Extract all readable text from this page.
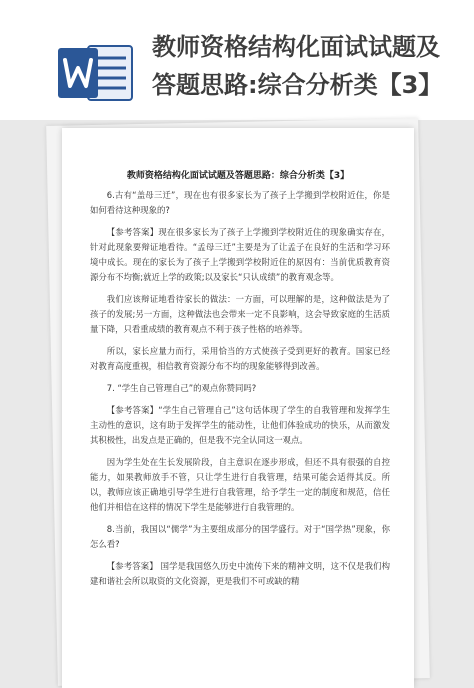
教师资格结构化面试试题及答题思路:综合分析类【3】
教师资格结构化面试试题及答题思路：综合分析类【3】

6.古有“盖母三迁”，现在也有很多家长为了孩子上学搬到学校附近住，你是如何看待这种现象的?

【参考答案】现在很多家长为了孩子上学搬到学校附近住的现象确实存在，针对此现象要辩证地看待。“孟母三迁”主要是为了让孟子在良好的生活和学习环境中成长。现在的家长为了孩子上学搬到学校附近住的原因有：当前优质教育资源分布不均衡;就近上学的政策;以及家长“只认成绩”的教育观念等。

我们应该辩证地看待家长的做法：一方面，可以理解的是，这种做法是为了孩子的发展;另一方面，这种做法也会带来一定不良影响，这会导致家庭的生活质量下降，只看重成绩的教育观点不利于孩子性格的培养等。

所以，家长应量力而行，采用恰当的方式使孩子受到更好的教育。国家已经对教育高度重视，相信教育资源分布不均的现象能够得到改善。

7. “学生自己管理自己”的观点你赞同吗?

【参考答案】“学生自己管理自己”这句话体现了学生的自我管理和发挥学生主动性的意识，这有助于发挥学生的能动性，让他们体验成功的快乐，从而激发其积极性，出发点是正确的，但是我不完全认同这一观点。

因为学生处在生长发展阶段，自主意识在逐步形成，但还不具有很强的自控能力，如果教师放手不管，只让学生进行自我管理，结果可能会适得其反。所以，教师应该正确地引导学生进行自我管理，给予学生一定的制度和规范，信任他们并相信在这样的情况下学生是能够进行自我管理的。

8.当前，我国以“儒学”为主要组成部分的国学盛行。对于“国学热”现象，你怎么看?

【参考答案】 国学是我国悠久历史中流传下来的精神文明，这不仅是我们构建和谐社会所以取资的文化资源，更是我们不可或缺的精
